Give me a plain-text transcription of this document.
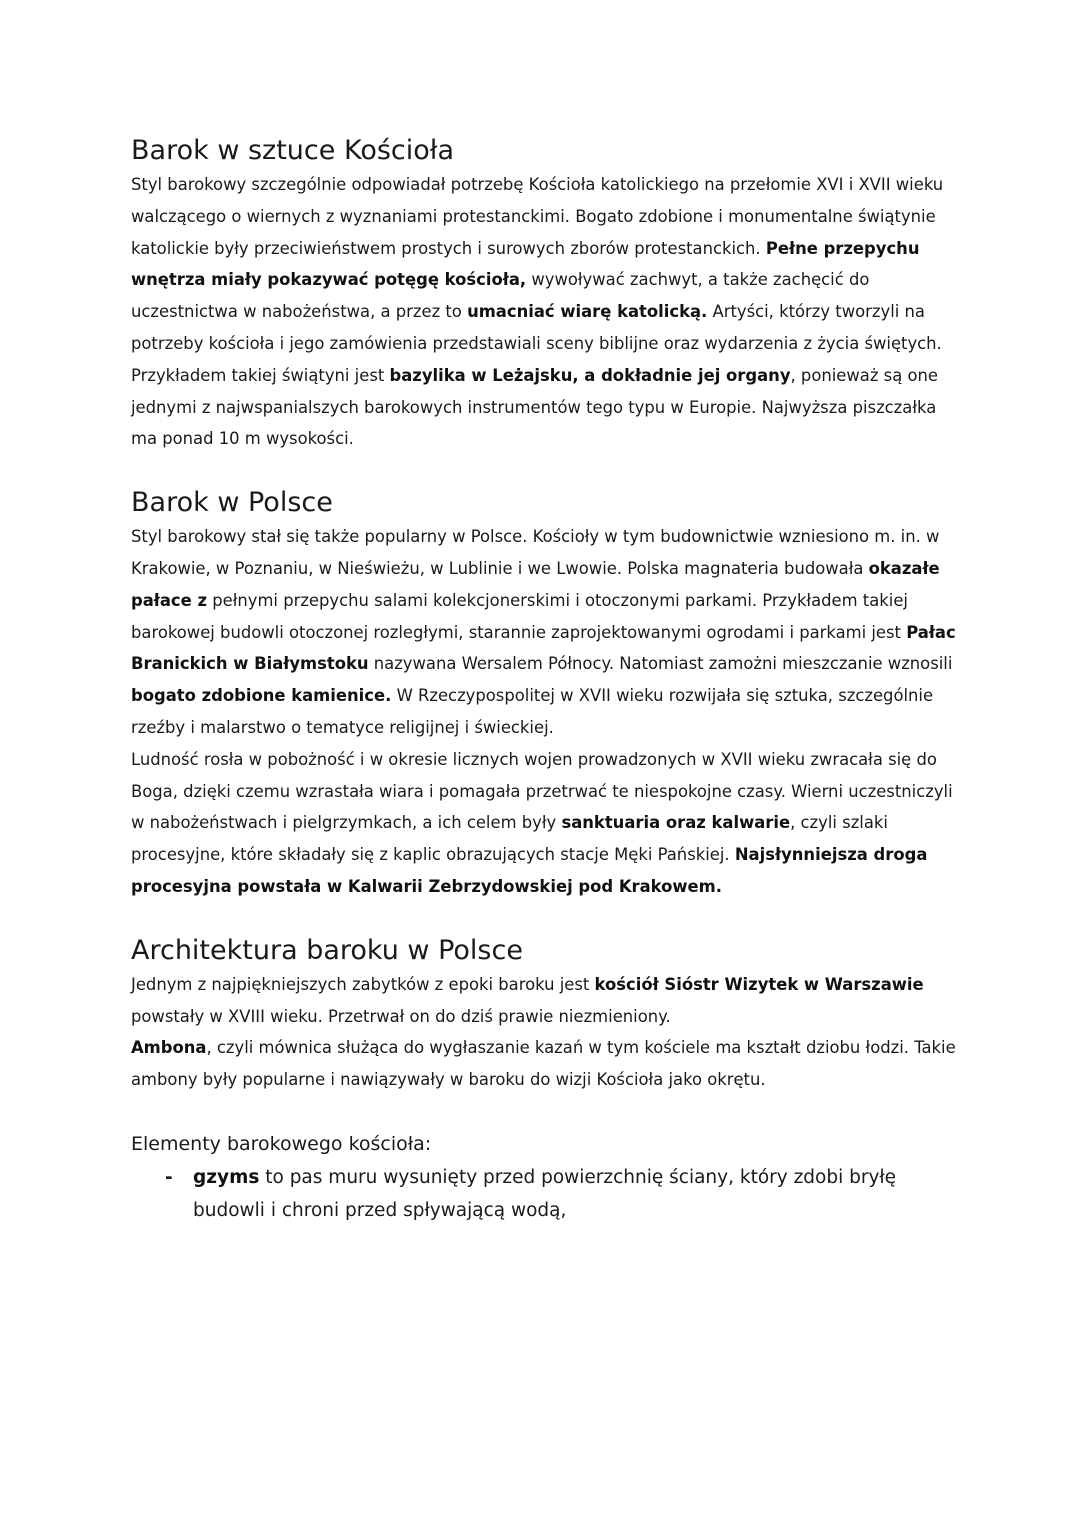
Barok w sztuce Kościoła

Styl barokowy szczególnie odpowiadał potrzebę Kościoła katolickiego na przełomie XVI i XVII wieku walczącego o wiernych z wyznaniami protestanckimi. Bogato zdobione i monumentalne świątynie katolickie były przeciwieństwem prostych i surowych zborów protestanckich. Pełne przepychu wnętrza miały pokazywać potęgę kościoła, wywoływać zachwyt, a także zachęcić do uczestnictwa w nabożeństwa, a przez to umacniać wiarę katolicką. Artyści, którzy tworzyli na potrzeby kościoła i jego zamówienia przedstawiali sceny biblijne oraz wydarzenia z życia świętych.
Przykładem takiej świątyni jest bazylika w Leżajsku, a dokładnie jej organy, ponieważ są one jednymi z najwspanialszych barokowych instrumentów tego typu w Europie. Najwyższa piszczałka ma ponad 10 m wysokości.

Barok w Polsce

Styl barokowy stał się także popularny w Polsce. Kościoły w tym budownictwie wzniesiono m. in. w Krakowie, w Poznaniu, w Nieświeżu, w Lublinie i we Lwowie. Polska magnateria budowała okazałe pałace z pełnymi przepychu salami kolekcjonerskimi i otoczonymi parkami. Przykładem takiej barokowej budowli otoczonej rozległymi, starannie zaprojektowanymi ogrodami i parkami jest Pałac Branickich w Białymstoku nazywana Wersalem Północy. Natomiast zamożni mieszczanie wznosili bogato zdobione kamienice. W Rzeczypospolitej w XVII wieku rozwijała się sztuka, szczególnie rzeźby i malarstwo o tematyce religijnej i świeckiej.
Ludność rosła w pobożność i w okresie licznych wojen prowadzonych w XVII wieku zwracała się do Boga, dzięki czemu wzrastała wiara i pomagała przetrwać te niespokojne czasy. Wierni uczestniczyli w nabożeństwach i pielgrzymkach, a ich celem były sanktuaria oraz kalwarie, czyli szlaki procesyjne, które składały się z kaplic obrazujących stacje Męki Pańskiej. Najsłynniejsza droga procesyjna powstała w Kalwarii Zebrzydowskiej pod Krakowem.

Architektura baroku w Polsce

Jednym z najpiękniejszych zabytków z epoki baroku jest kościół Sióstr Wizytek w Warszawie powstały w XVIII wieku. Przetrwał on do dziś prawie niezmieniony.
Ambona, czyli mównica służąca do wygłaszanie kazań w tym kościele ma kształt dziobu łodzi. Takie ambony były popularne i nawiązywały w baroku do wizji Kościoła jako okrętu.

Elementy barokowego kościoła:
- gzyms to pas muru wysunięty przed powierzchnię ściany, który zdobi bryłę budowli i chroni przed spływającą wodą,
